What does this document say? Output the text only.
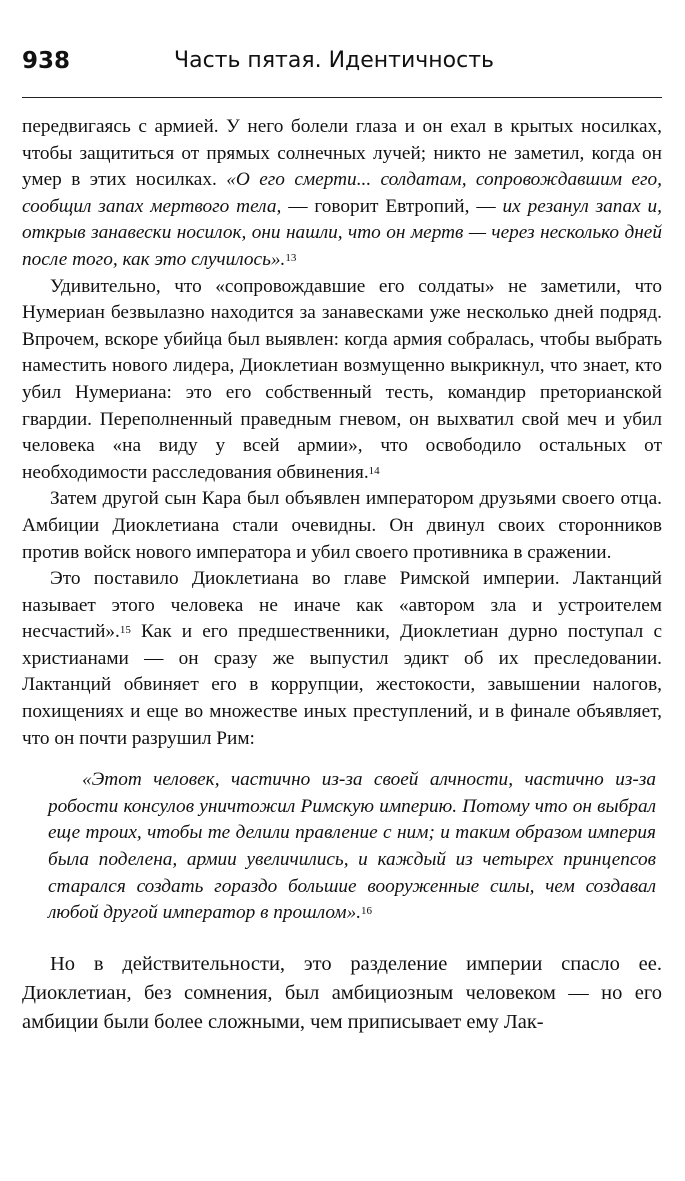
938	Часть пятая. Идентичность

передвигаясь с армией. У него болели глаза и он ехал в крытых носилках, чтобы защититься от прямых солнечных лучей; никто не заметил, когда он умер в этих носилках. «О его смерти... солдатам, сопровождавшим его, сообщил запах мертвого тела, — говорит Евтропий, — их резанул запах и, открыв занавески носилок, они нашли, что он мертв — через несколько дней после того, как это случилось».$^{13}$

Удивительно, что «сопровождавшие его солдаты» не заметили, что Нумериан безвылазно находится за занавесками уже несколько дней подряд. Впрочем, вскоре убийца был выявлен: когда армия собралась, чтобы выбрать наместить нового лидера, Диоклетиан возмущенно выкрикнул, что знает, кто убил Нумериана: это его собственный тесть, командир преторианской гвардии. Переполненный праведным гневом, он выхватил свой меч и убил человека «на виду у всей армии», что освободило остальных от необходимости расследования обвинения.$^{14}$

Затем другой сын Кара был объявлен императором друзьями своего отца. Амбиции Диоклетиана стали очевидны. Он двинул своих сторонников против войск нового императора и убил своего противника в сражении.

Это поставило Диоклетиана во главе Римской империи. Лактанций называет этого человека не иначе как «автором зла и устроителем несчастий».$^{15}$ Как и его предшественники, Диоклетиан дурно поступал с христианами — он сразу же выпустил эдикт об их преследовании. Лактанций обвиняет его в коррупции, жестокости, завышении налогов, похищениях и еще во множестве иных преступлений, и в финале объявляет, что он почти разрушил Рим:

«Этот человек, частично из-за своей алчности, частично из-за робости консулов уничтожил Римскую империю. Потому что он выбрал еще троих, чтобы те делили правление с ним; и таким образом империя была поделена, армии увеличились, и каждый из четырех принцепсов старался создать гораздо большие вооруженные силы, чем создавал любой другой император в прошлом».$^{16}$

Но в действительности, это разделение империи спасло ее. Диоклетиан, без сомнения, был амбициозным человеком — но его амбиции были более сложными, чем приписывает ему Лак-
